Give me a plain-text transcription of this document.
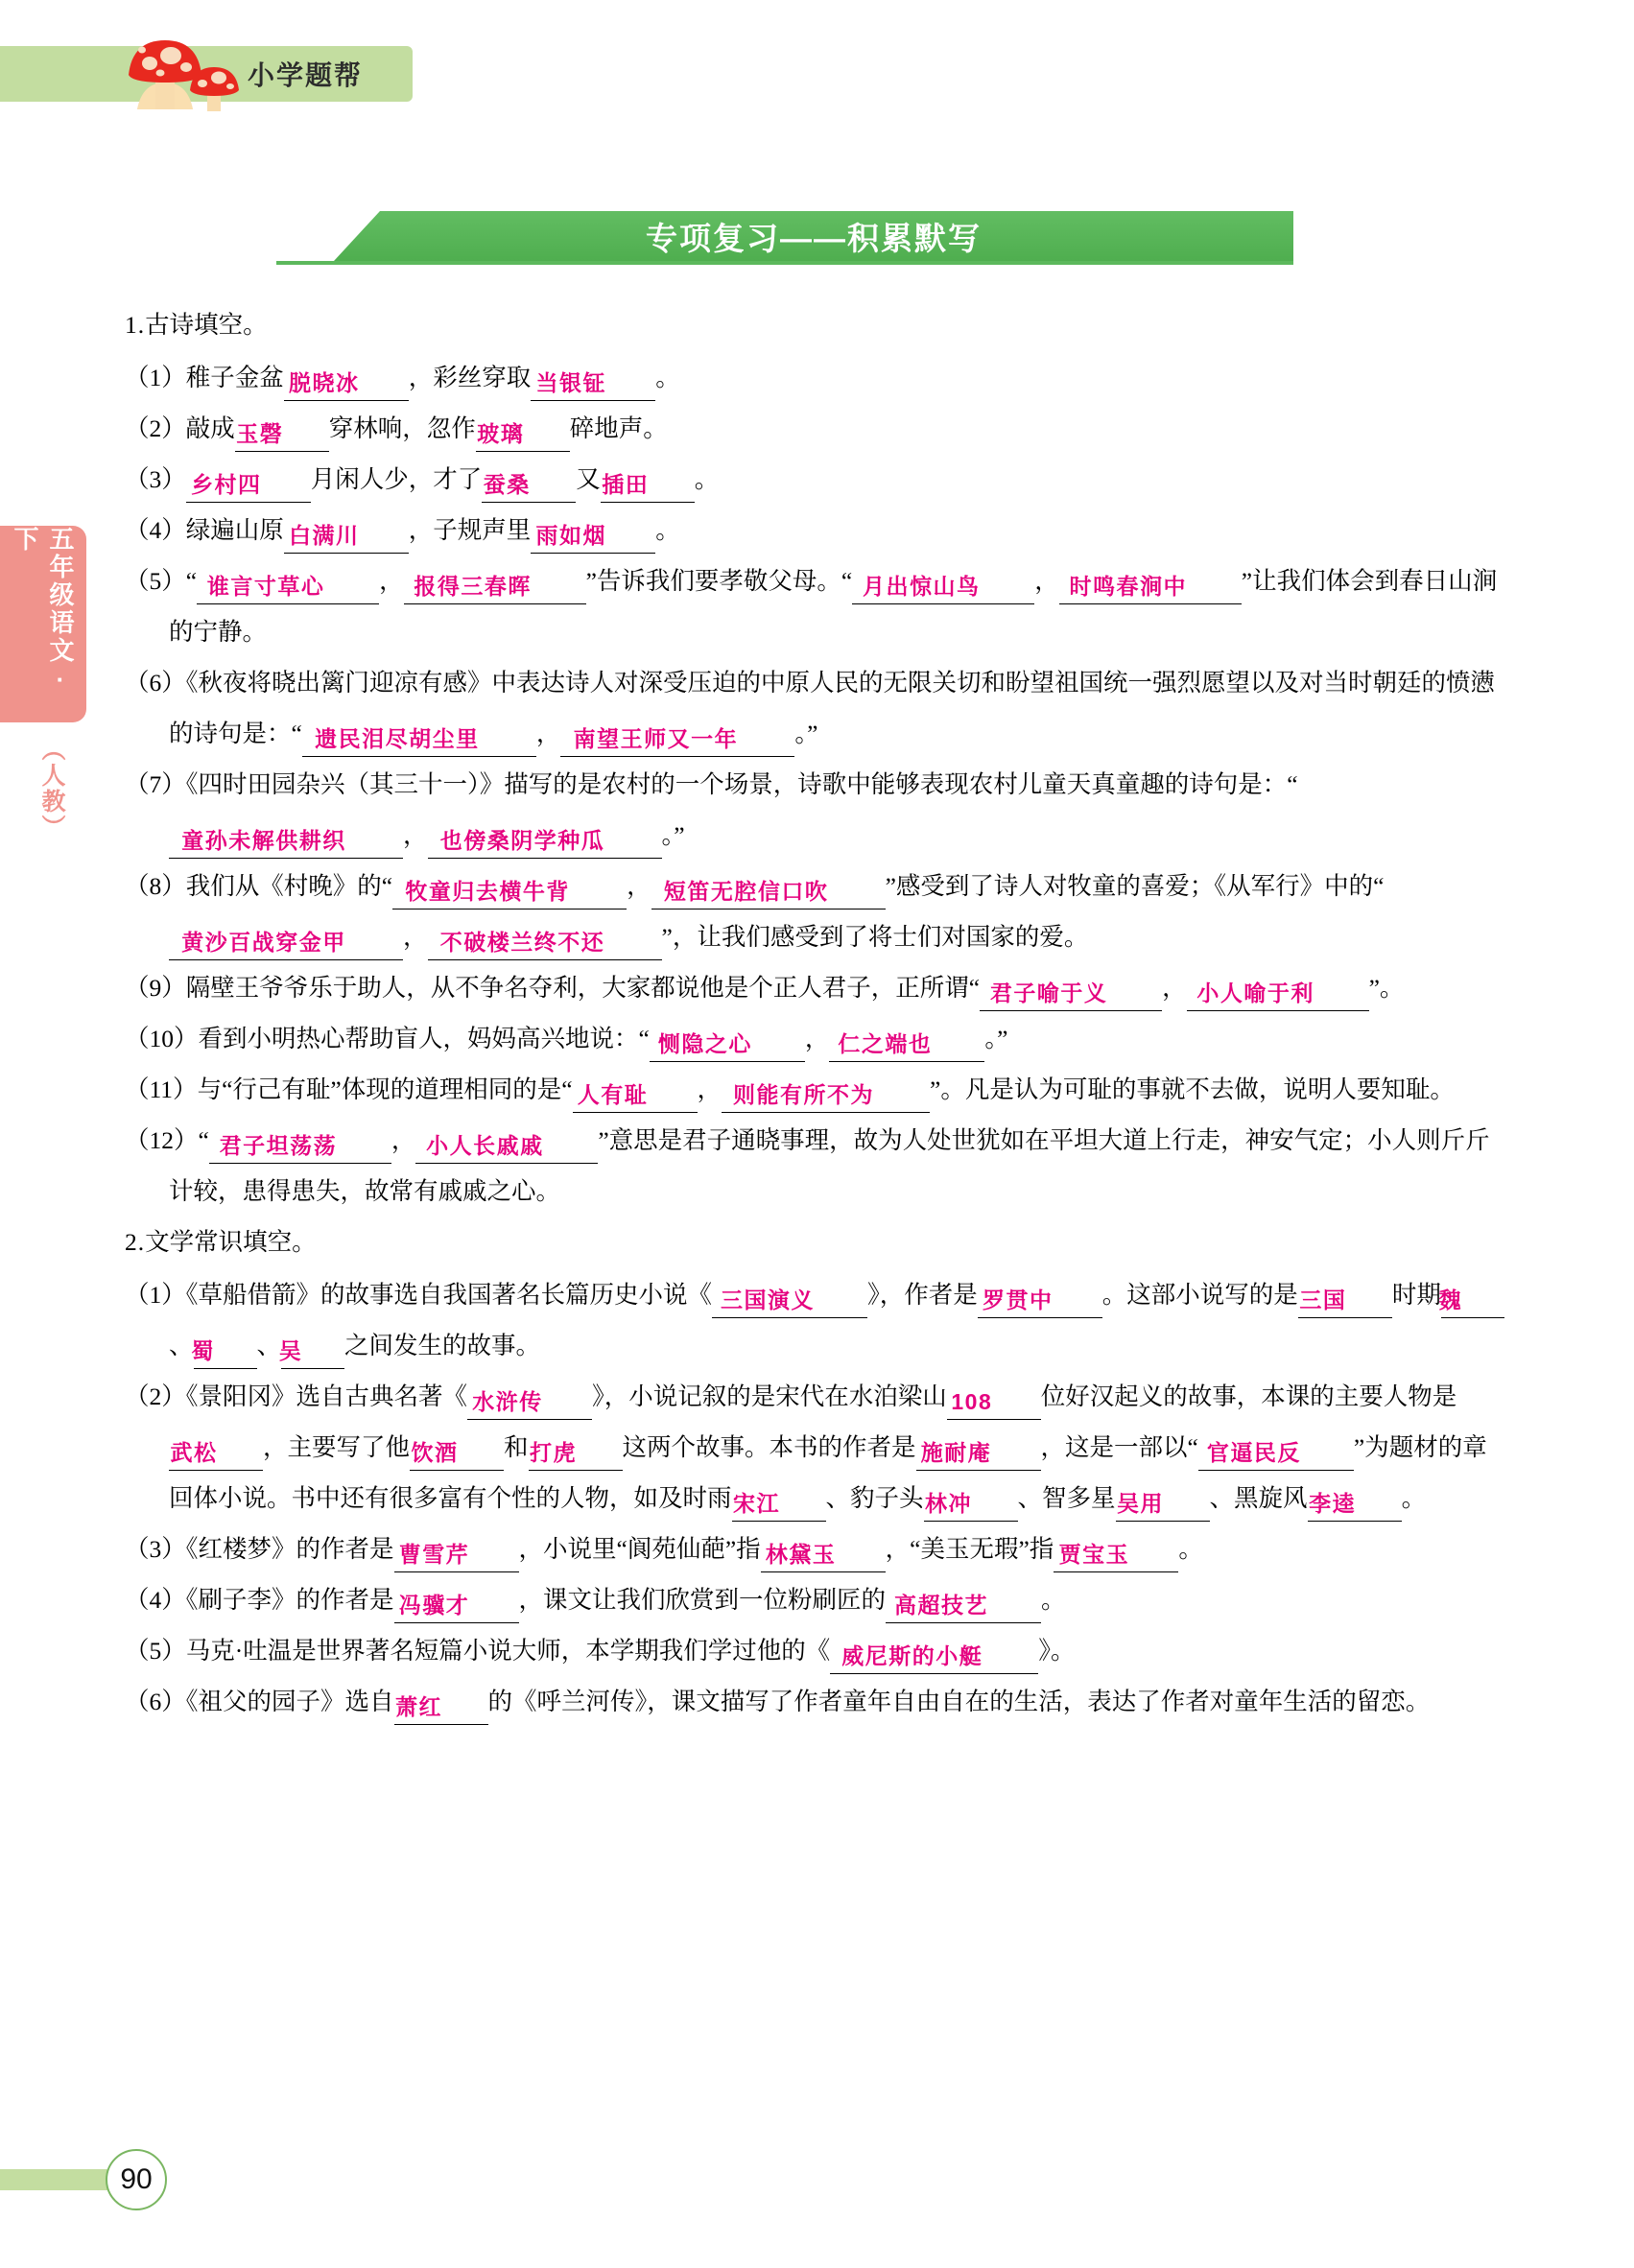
小学题帮
五年级语文·下
（人教）
专项复习——积累默写
1.古诗填空。
（1）稚子金盆 脱晓冰 ，彩丝穿取 当银钲 。
（2）敲成玉磬 穿林响，忽作玻璃 碎地声。
（3） 乡村四 月闲人少，才了蚕桑 又插田 。
（4）绿遍山原 白满川 ，子规声里 雨如烟 。
（5）“ 谁言寸草心 ， 报得三春晖 ”告诉我们要孝敬父母。“ 月出惊山鸟 ， 时鸣春涧中 ”让我们体会到春日山涧的宁静。
（6）《秋夜将晓出篱门迎凉有感》中表达诗人对深受压迫的中原人民的无限关切和盼望祖国统一强烈愿望以及对当时朝廷的愤懑的诗句是：“ 遗民泪尽胡尘里 ， 南望王师又一年 。”
（7）《四时田园杂兴（其三十一）》描写的是农村的一个场景，诗歌中能够表现农村儿童天真童趣的诗句是：“童孙未解供耕织 ， 也傍桑阴学种瓜 。”
（8）我们从《村晚》的“ 牧童归去横牛背 ， 短笛无腔信口吹 ”感受到了诗人对牧童的喜爱；《从军行》中的“黄沙百战穿金甲 ， 不破楼兰终不还 ”，让我们感受到了将士们对国家的爱。
（9）隔壁王爷爷乐于助人，从不争名夺利，大家都说他是个正人君子，正所谓“ 君子喻于义 ， 小人喻于利 ”。
（10）看到小明热心帮助盲人，妈妈高兴地说：“ 恻隐之心 ， 仁之端也 。”
（11）与“行己有耻”体现的道理相同的是“ 人有耻 ， 则能有所不为 ”。凡是认为可耻的事就不去做，说明人要知耻。
（12）“ 君子坦荡荡 ， 小人长戚戚 ”意思是君子通晓事理，故为人处世犹如在平坦大道上行走，神安气定；小人则斤斤计较，患得患失，故常有戚戚之心。
2.文学常识填空。
（1）《草船借箭》的故事选自我国著名长篇历史小说《 三国演义 》，作者是 罗贯中 。这部小说写的是三国 时期魏、蜀 、吴 之间发生的故事。
（2）《景阳冈》选自古典名著《 水浒传 》，小说记叙的是宋代在水泊梁山 108 位好汉起义的故事，本课的主要人物是武松 ，主要写了他饮酒 和打虎 这两个故事。本书的作者是 施耐庵 ，这是一部以“ 官逼民反 ”为题材的章回体小说。书中还有很多富有个性的人物，如及时雨宋江 、豹子头林冲 、智多星吴用 、黑旋风李逵 。
（3）《红楼梦》的作者是 曹雪芹 ，小说里“阆苑仙葩”指 林黛玉 ，“美玉无瑕”指 贾宝玉 。
（4）《刷子李》的作者是 冯骥才 ，课文让我们欣赏到一位粉刷匠的 高超技艺 。
（5）马克·吐温是世界著名短篇小说大师，本学期我们学过他的《 威尼斯的小艇 》。
（6）《祖父的园子》选自萧红 的《呼兰河传》，课文描写了作者童年自由自在的生活，表达了作者对童年生活的留恋。
90
